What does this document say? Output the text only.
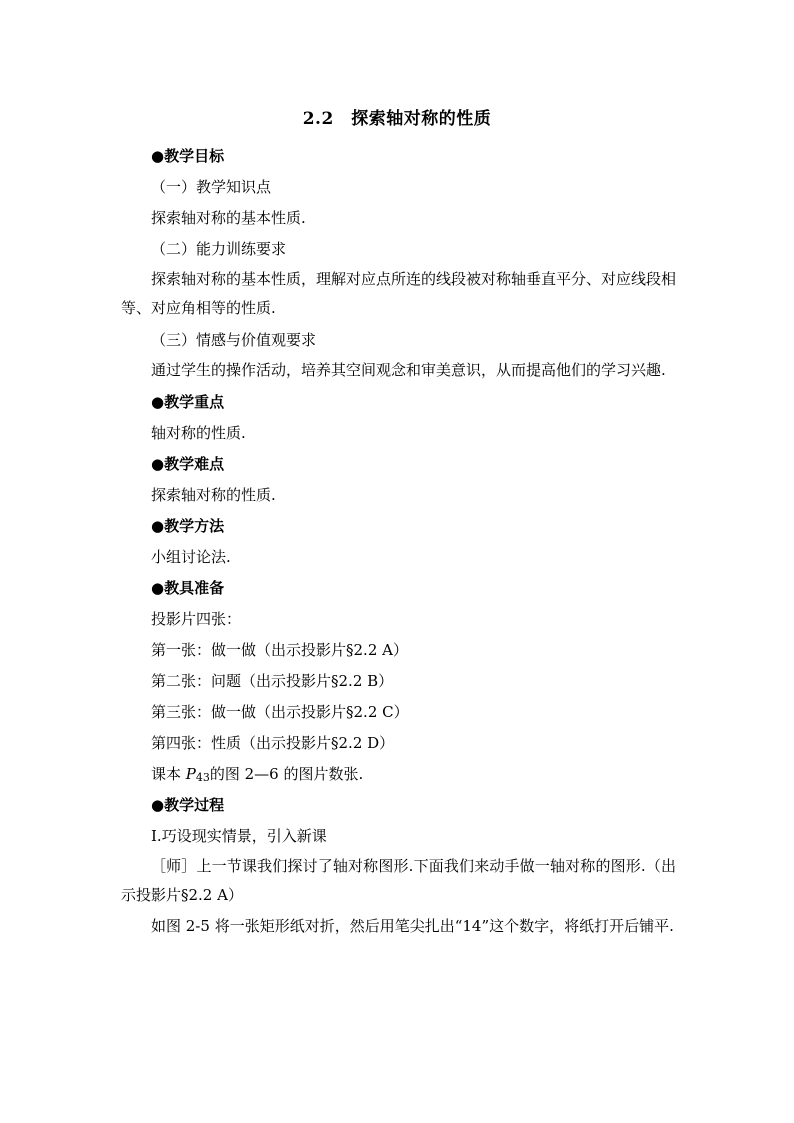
2.2　探索轴对称的性质
●教学目标
（一）教学知识点
探索轴对称的基本性质.
（二）能力训练要求

探索轴对称的基本性质，理解对应点所连的线段被对称轴垂直平分、对应线段相等、对应角相等的性质.

（三）情感与价值观要求

通过学生的操作活动，培养其空间观念和审美意识，从而提高他们的学习兴趣.

●教学重点
轴对称的性质.
●教学难点
探索轴对称的性质.
●教学方法
小组讨论法.
●教具准备
投影片四张：
第一张：做一做（出示投影片§2.2 A）
第二张：问题（出示投影片§2.2 B）
第三张：做一做（出示投影片§2.2 C）
第四张：性质（出示投影片§2.2 D）
课本 P43的图 2—6 的图片数张.
●教学过程
Ⅰ.巧设现实情景，引入新课

［师］上一节课我们探讨了轴对称图形.下面我们来动手做一轴对称的图形.（出示投影片§2.2 A）

如图 2-5 将一张矩形纸对折，然后用笔尖扎出“14”这个数字，将纸打开后铺平.
